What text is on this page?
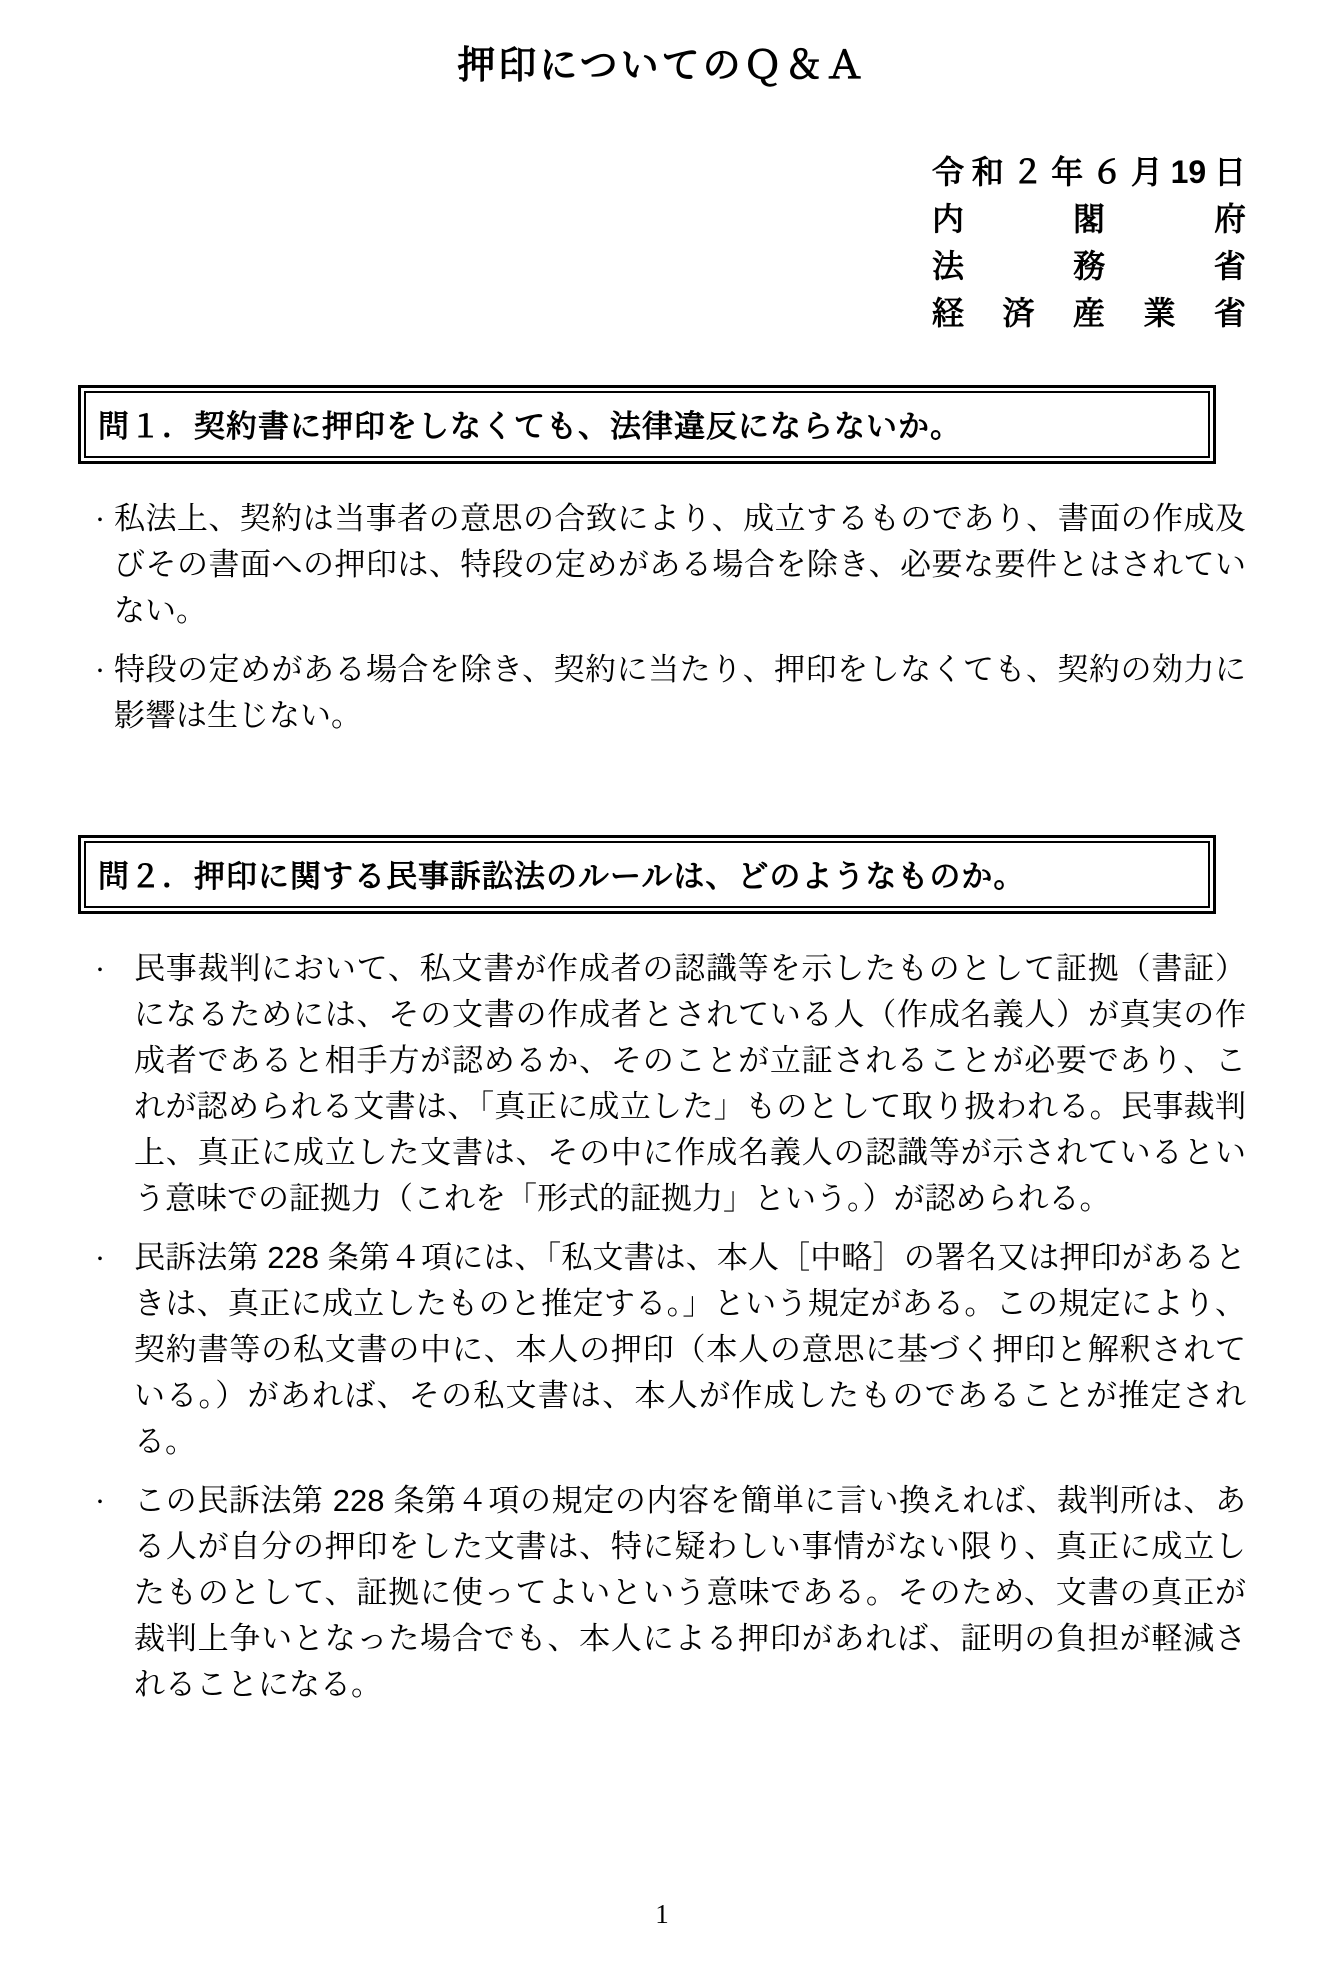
押印についてのＱ＆Ａ
令 和 ２ 年 ６ 月 19 日
内	閣	府
法	務	省
経 済 産 業 省
問１．契約書に押印をしなくても、法律違反にならないか。
・ 私法上、契約は当事者の意思の合致により、成立するものであり、書面の作成及びその書面への押印は、特段の定めがある場合を除き、必要な要件とはされていない。
・ 特段の定めがある場合を除き、契約に当たり、押印をしなくても、契約の効力に影響は生じない。
問２．押印に関する民事訴訟法のルールは、どのようなものか。
・ 民事裁判において、私文書が作成者の認識等を示したものとして証拠（書証）になるためには、その文書の作成者とされている人（作成名義人）が真実の作成者であると相手方が認めるか、そのことが立証されることが必要であり、これが認められる文書は、「真正に成立した」ものとして取り扱われる。民事裁判上、真正に成立した文書は、その中に作成名義人の認識等が示されているという意味での証拠力（これを「形式的証拠力」という。）が認められる。
・ 民訴法第 228 条第４項には、「私文書は、本人［中略］の署名又は押印があるときは、真正に成立したものと推定する。」という規定がある。この規定により、契約書等の私文書の中に、本人の押印（本人の意思に基づく押印と解釈されている。）があれば、その私文書は、本人が作成したものであることが推定される。
・ この民訴法第 228 条第４項の規定の内容を簡単に言い換えれば、裁判所は、ある人が自分の押印をした文書は、特に疑わしい事情がない限り、真正に成立したものとして、証拠に使ってよいという意味である。そのため、文書の真正が裁判上争いとなった場合でも、本人による押印があれば、証明の負担が軽減されることになる。
1
